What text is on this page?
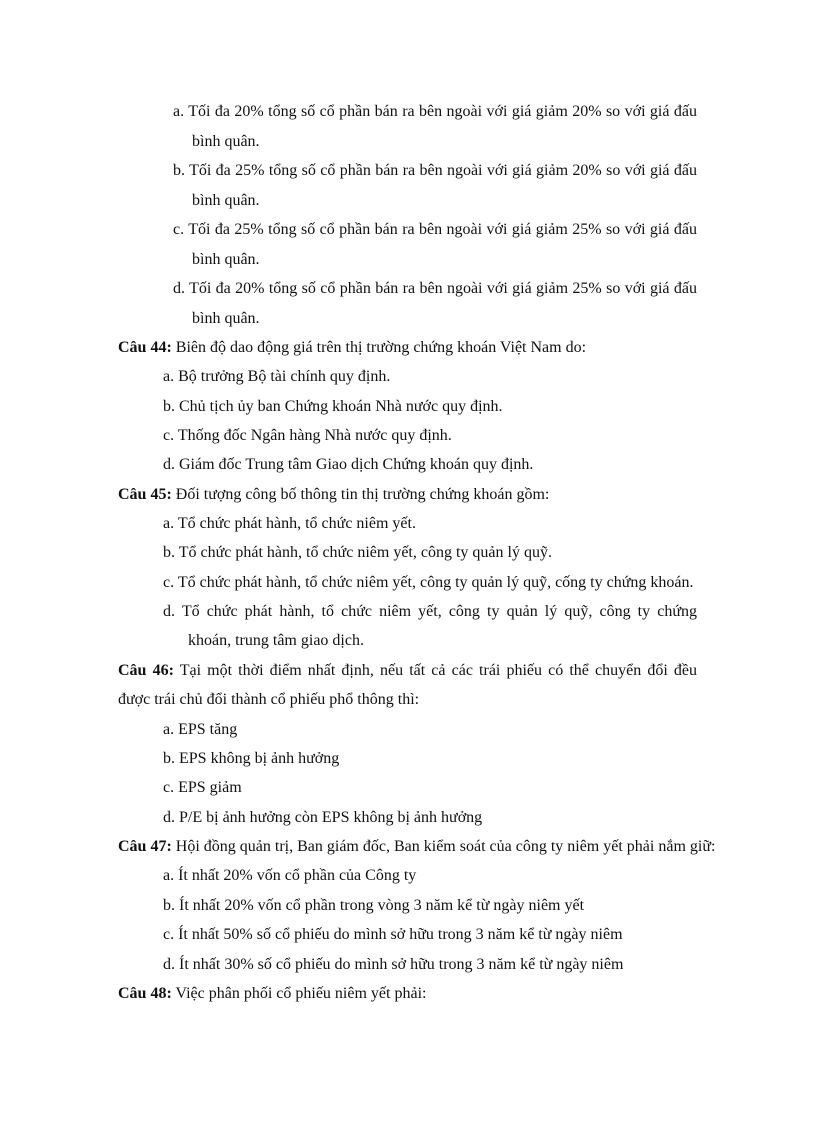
a. Tối đa 20% tổng số cổ phần bán ra bên ngoài với giá giảm 20% so với giá đấu
bình quân.
b. Tối đa 25% tổng số cổ phần bán ra bên ngoài với giá giảm 20% so với giá đấu
bình quân.
c. Tối đa 25% tổng số cổ phần bán ra bên ngoài với giá giảm 25% so với giá đấu
bình quân.
d. Tối đa 20% tổng số cổ phần bán ra bên ngoài với giá giảm 25% so với giá đấu
bình quân.
Câu 44: Biên độ dao động giá trên thị trường chứng khoán Việt Nam do:
a. Bộ trưởng Bộ tài chính quy định.
b. Chủ tịch ủy ban Chứng khoán Nhà nước quy định.
c. Thống đốc Ngân hàng Nhà nước quy định.
d. Giám đốc Trung tâm Giao dịch Chứng khoán quy định.
Câu 45: Đối tượng công bố thông tin thị trường chứng khoán gồm:
a. Tổ chức phát hành, tổ chức niêm yết.
b. Tổ chức phát hành, tổ chức niêm yết, công ty quản lý quỹ.
c. Tổ chức phát hành, tổ chức niêm yết, công ty quản lý quỹ, cống ty chứng khoán.
d. Tổ chức phát hành, tổ chức niêm yết, công ty quản lý quỹ, công ty chứng
khoán, trung tâm giao dịch.
Câu 46: Tại một thời điểm nhất định, nếu tất cả các trái phiếu có thể chuyển đổi đều
được trái chủ đổi thành cổ phiếu phổ thông thì:
a. EPS tăng
b. EPS không bị ảnh hưởng
c. EPS giảm
d. P/E bị ảnh hưởng còn EPS không bị ảnh hưởng
Câu 47: Hội đồng quản trị, Ban giám đốc, Ban kiểm soát của công ty niêm yết phải nắm giữ:
a. Ít nhất 20% vốn cổ phần của Công ty
b. Ít nhất 20% vốn cổ phần trong vòng 3 năm kể từ ngày niêm yết
c. Ít nhất 50% số cổ phiếu do mình sở hữu trong 3 năm kể từ ngày niêm
d. Ít nhất 30% số cổ phiếu do mình sở hữu trong 3 năm kể từ ngày niêm
Câu 48: Việc phân phối cổ phiếu niêm yết phải:
